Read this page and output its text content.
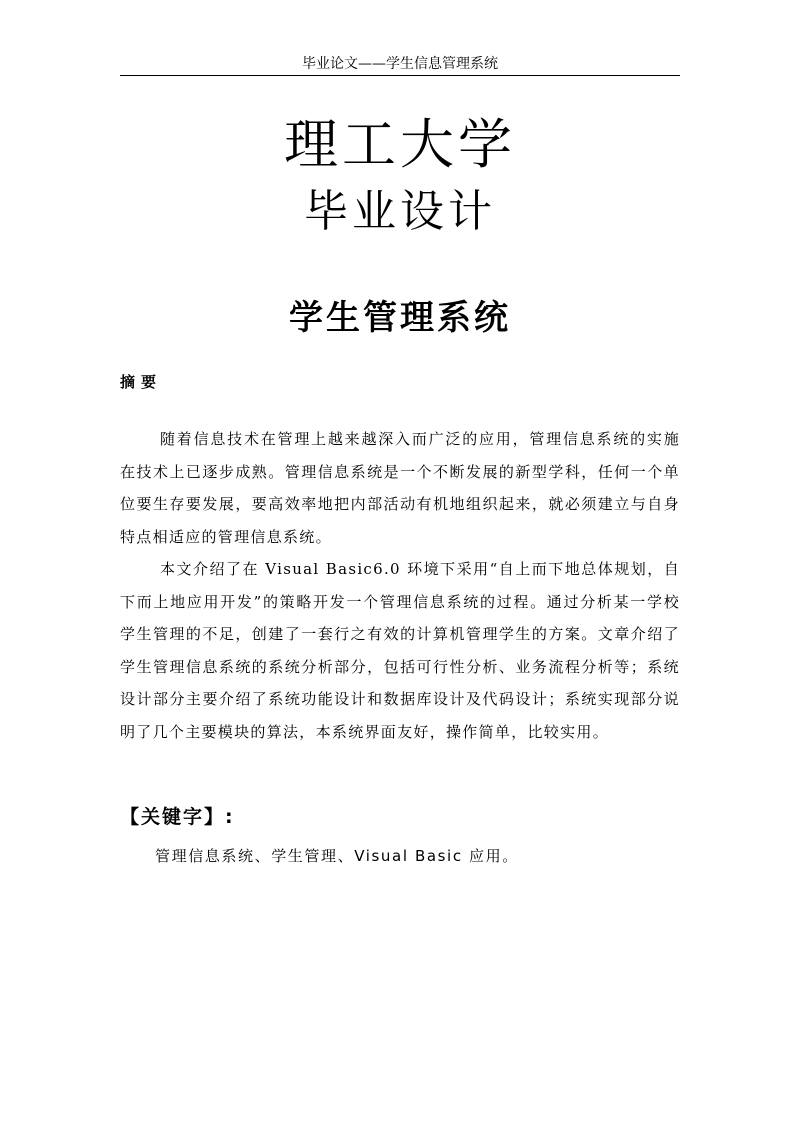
毕业论文——学生信息管理系统
理工大学
毕业设计
学生管理系统
摘要

随着信息技术在管理上越来越深入而广泛的应用，管理信息系统的实施在技术上已逐步成熟。管理信息系统是一个不断发展的新型学科，任何一个单位要生存要发展，要高效率地把内部活动有机地组织起来，就必须建立与自身特点相适应的管理信息系统。

本文介绍了在 Visual Basic6.0 环境下采用“自上而下地总体规划，自下而上地应用开发”的策略开发一个管理信息系统的过程。通过分析某一学校学生管理的不足，创建了一套行之有效的计算机管理学生的方案。文章介绍了学生管理信息系统的系统分析部分，包括可行性分析、业务流程分析等；系统设计部分主要介绍了系统功能设计和数据库设计及代码设计；系统实现部分说明了几个主要模块的算法，本系统界面友好，操作简单，比较实用。

【关键字】:
管理信息系统、学生管理、Visual Basic 应用。
